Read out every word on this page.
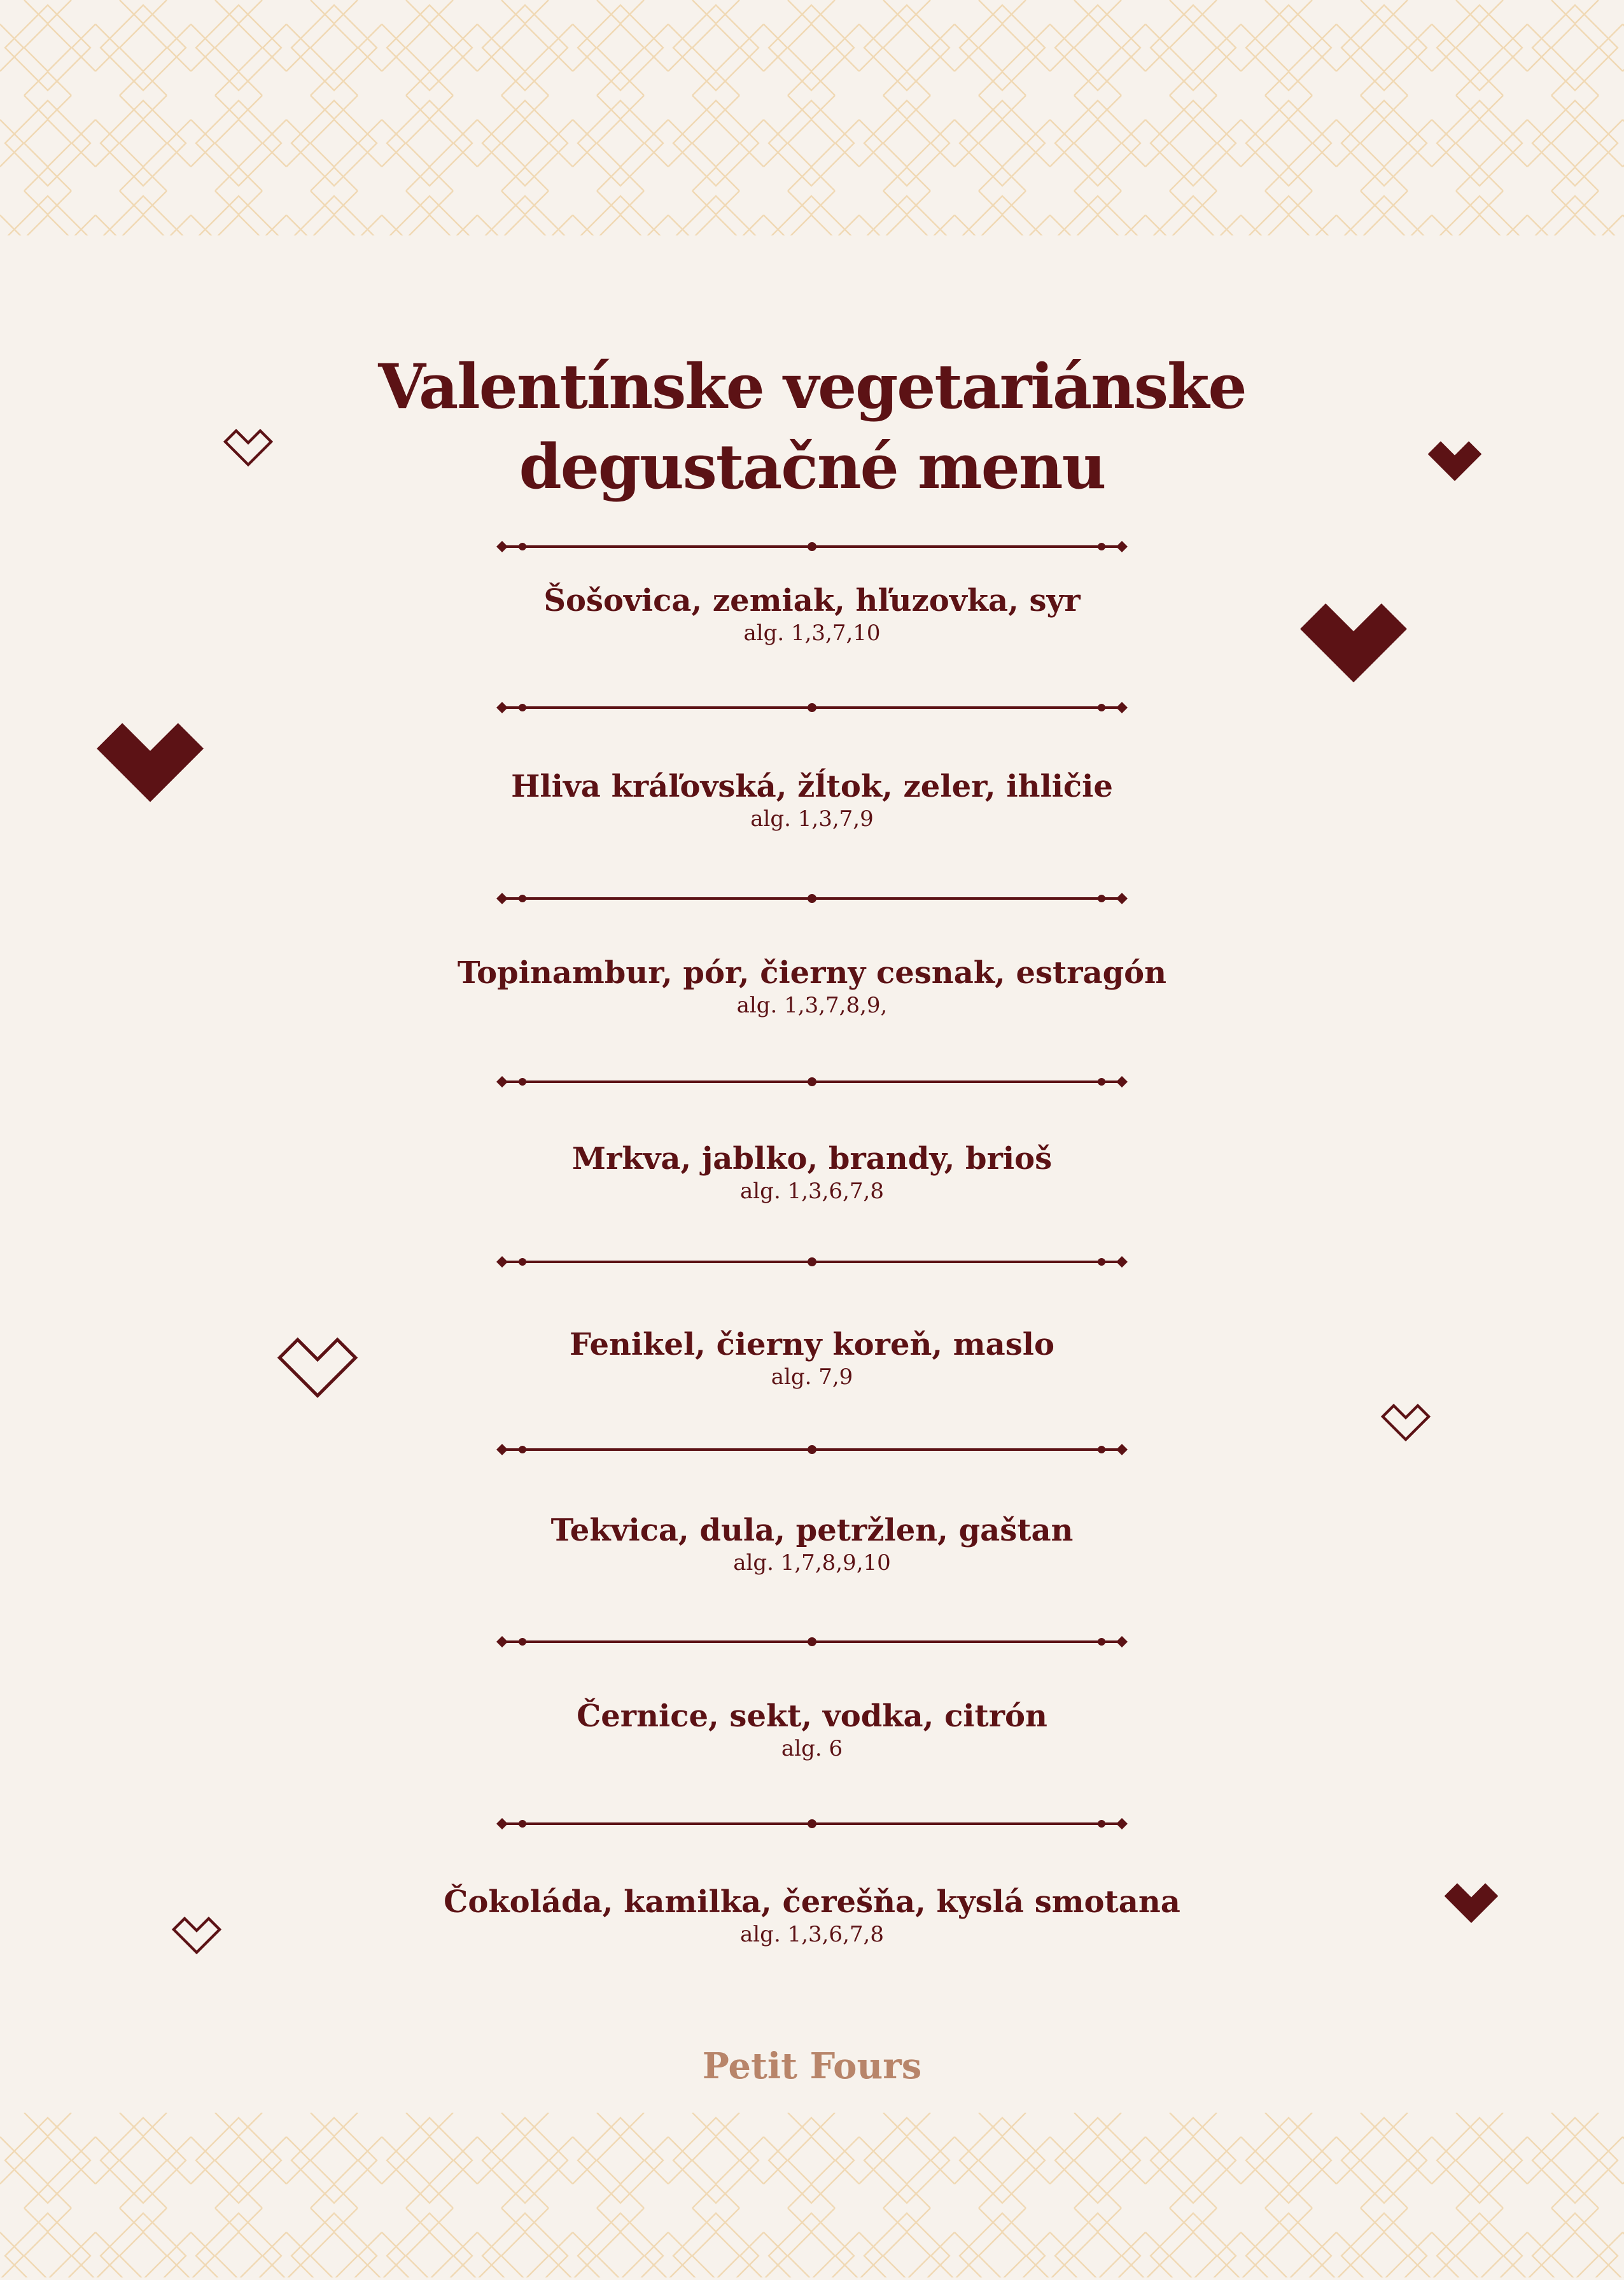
Valentínske vegetariánske
degustačné menu
Šošovica, zemiak, hľuzovka, syr
alg. 1,3,7,10
Hliva kráľovská, žĺtok, zeler, ihličie
alg. 1,3,7,9
Topinambur, pór, čierny cesnak, estragón
alg. 1,3,7,8,9,
Mrkva, jablko, brandy, brioš
alg. 1,3,6,7,8
Fenikel, čierny koreň, maslo
alg. 7,9
Tekvica, dula, petržlen, gaštan
alg. 1,7,8,9,10
Černice, sekt, vodka, citrón
alg. 6
Čokoláda, kamilka, čerešňa, kyslá smotana
alg. 1,3,6,7,8
Petit Fours
